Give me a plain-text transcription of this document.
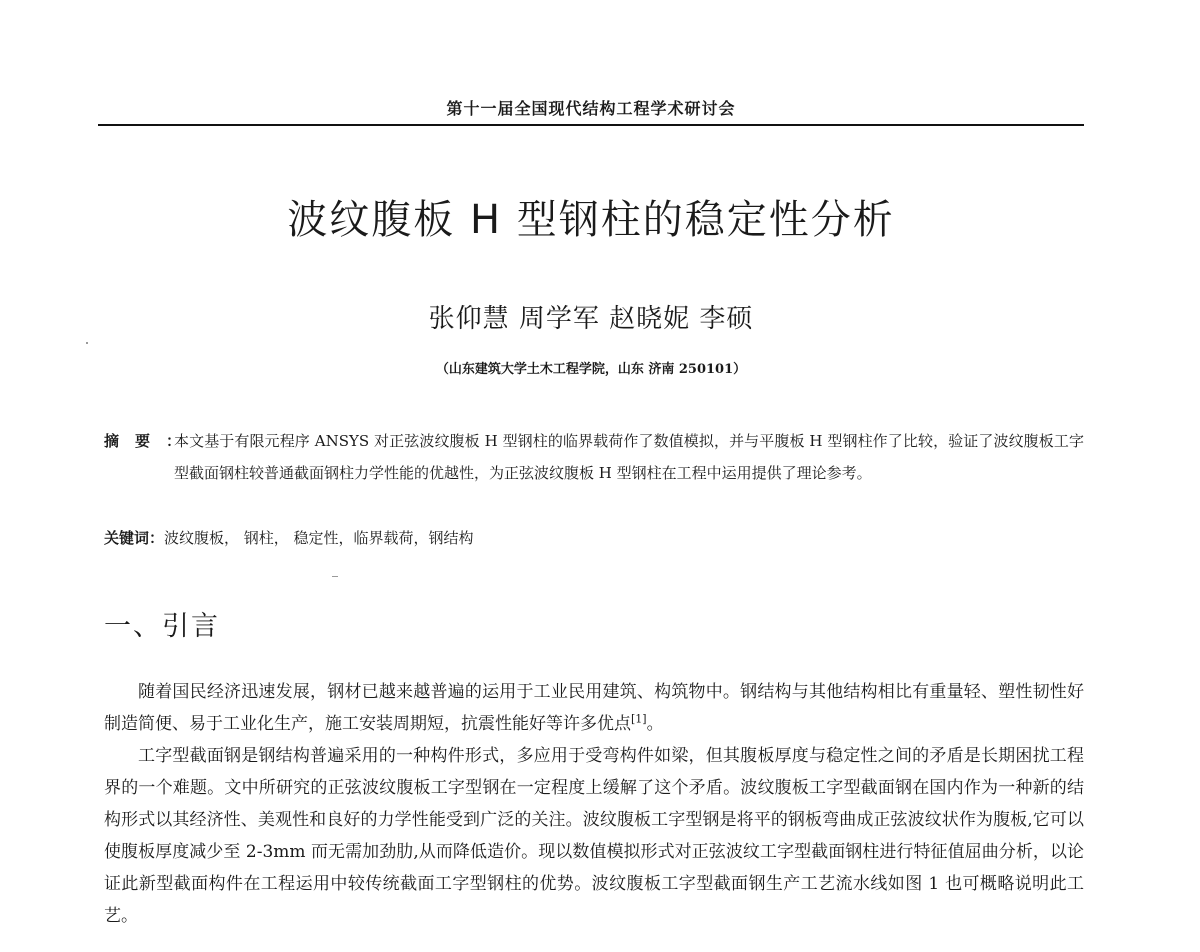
第十一届全国现代结构工程学术研讨会
波纹腹板 H 型钢柱的稳定性分析
张仰慧 周学军 赵晓妮 李硕
（山东建筑大学土木工程学院，山东 济南 250101）
摘要：
本文基于有限元程序 ANSYS 对正弦波纹腹板 H 型钢柱的临界载荷作了数值模拟，并与平腹板 H 型钢柱作了比较，验证了波纹腹板工字型截面钢柱较普通截面钢柱力学性能的优越性，为正弦波纹腹板 H 型钢柱在工程中运用提供了理论参考。
关键词：波纹腹板， 钢柱， 稳定性，临界载荷，钢结构
一、引言

随着国民经济迅速发展，钢材已越来越普遍的运用于工业民用建筑、构筑物中。钢结构与其他结构相比有重量轻、塑性韧性好制造简便、易于工业化生产，施工安装周期短，抗震性能好等许多优点[1]。

工字型截面钢是钢结构普遍采用的一种构件形式，多应用于受弯构件如梁，但其腹板厚度与稳定性之间的矛盾是长期困扰工程界的一个难题。文中所研究的正弦波纹腹板工字型钢在一定程度上缓解了这个矛盾。波纹腹板工字型截面钢在国内作为一种新的结构形式以其经济性、美观性和良好的力学性能受到广泛的关注。波纹腹板工字型钢是将平的钢板弯曲成正弦波纹状作为腹板,它可以使腹板厚度减少至 2-3mm 而无需加劲肋,从而降低造价。现以数值模拟形式对正弦波纹工字型截面钢柱进行特征值屈曲分析，以论证此新型截面构件在工程运用中较传统截面工字型钢柱的优势。波纹腹板工字型截面钢生产工艺流水线如图 1 也可概略说明此工艺。
